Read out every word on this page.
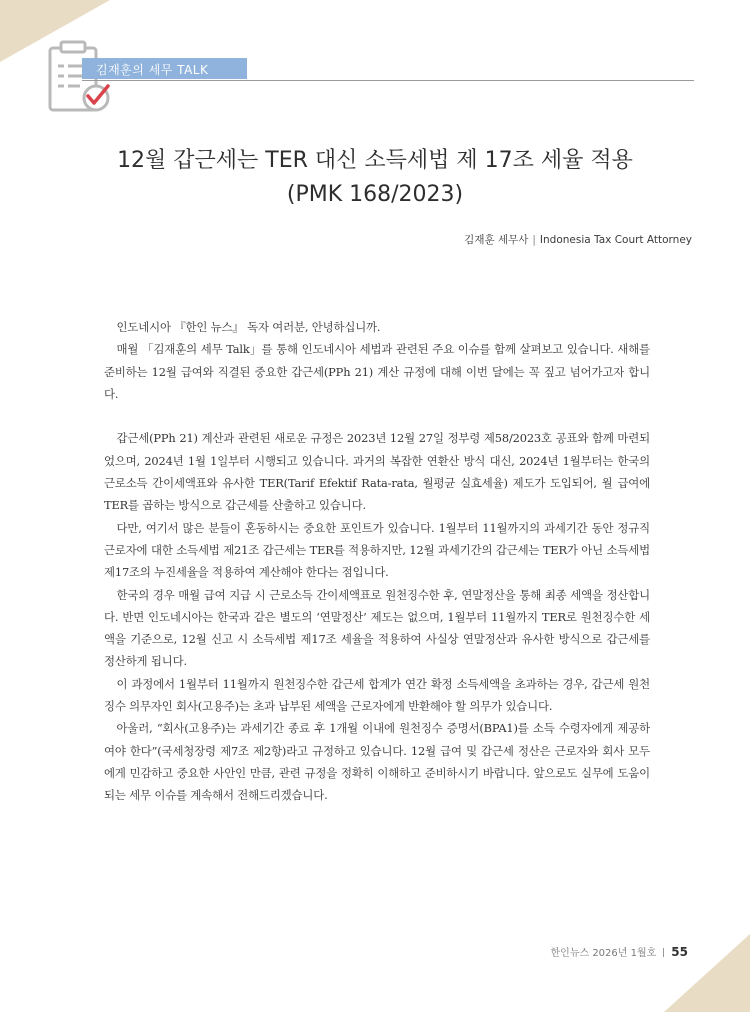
김재훈의 세무 TALK
12월 갑근세는 TER 대신 소득세법 제 17조 세율 적용
(PMK 168/2023)
김재훈 세무사 | Indonesia Tax Court Attorney

인도네시아 『한인 뉴스』 독자 여러분, 안녕하십니까.

매월 「김재훈의 세무 Talk」를 통해 인도네시아 세법과 관련된 주요 이슈를 함께 살펴보고 있습니다. 새해를 준비하는 12월 급여와 직결된 중요한 갑근세(PPh 21) 계산 규정에 대해 이번 달에는 꼭 짚고 넘어가고자 합니다.

갑근세(PPh 21) 계산과 관련된 새로운 규정은 2023년 12월 27일 정부령 제58/2023호 공표와 함께 마련되었으며, 2024년 1월 1일부터 시행되고 있습니다. 과거의 복잡한 연환산 방식 대신, 2024년 1월부터는 한국의 근로소득 간이세액표와 유사한 TER(Tarif Efektif Rata-rata, 월평균 실효세율) 제도가 도입되어, 월 급여에 TER를 곱하는 방식으로 갑근세를 산출하고 있습니다.

다만, 여기서 많은 분들이 혼동하시는 중요한 포인트가 있습니다. 1월부터 11월까지의 과세기간 동안 정규직 근로자에 대한 소득세법 제21조 갑근세는 TER를 적용하지만, 12월 과세기간의 갑근세는 TER가 아닌 소득세법 제17조의 누진세율을 적용하여 계산해야 한다는 점입니다.

한국의 경우 매월 급여 지급 시 근로소득 간이세액표로 원천징수한 후, 연말정산을 통해 최종 세액을 정산합니다. 반면 인도네시아는 한국과 같은 별도의 ‘연말정산’ 제도는 없으며, 1월부터 11월까지 TER로 원천징수한 세액을 기준으로, 12월 신고 시 소득세법 제17조 세율을 적용하여 사실상 연말정산과 유사한 방식으로 갑근세를 정산하게 됩니다.

이 과정에서 1월부터 11월까지 원천징수한 갑근세 합계가 연간 확정 소득세액을 초과하는 경우, 갑근세 원천징수 의무자인 회사(고용주)는 초과 납부된 세액을 근로자에게 반환해야 할 의무가 있습니다.

아울러, “회사(고용주)는 과세기간 종료 후 1개월 이내에 원천징수 증명서(BPA1)를 소득 수령자에게 제공하여야 한다”(국세청장령 제7조 제2항)라고 규정하고 있습니다. 12월 급여 및 갑근세 정산은 근로자와 회사 모두에게 민감하고 중요한 사안인 만큼, 관련 규정을 정확히 이해하고 준비하시기 바랍니다. 앞으로도 실무에 도움이 되는 세무 이슈를 계속해서 전해드리겠습니다.

한인뉴스 2026년 1월호 55
